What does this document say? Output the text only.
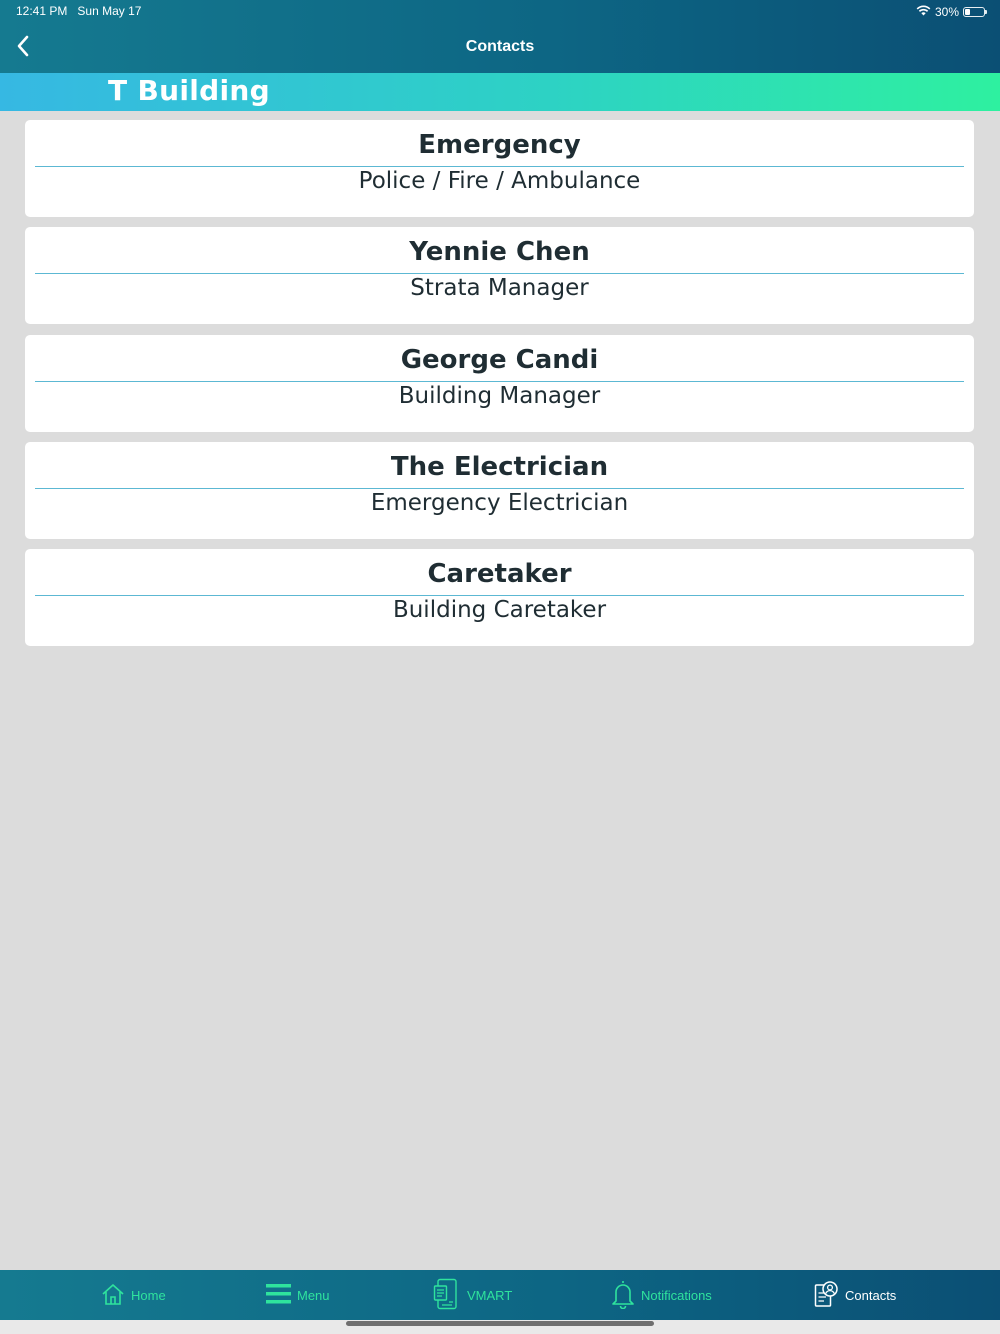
12:41 PM Sun May 17	30%
Contacts
T Building
Emergency
Police / Fire / Ambulance
Yennie Chen
Strata Manager
George Candi
Building Manager
The Electrician
Emergency Electrician
Caretaker
Building Caretaker
Home	Menu	VMART	Notifications	Contacts
